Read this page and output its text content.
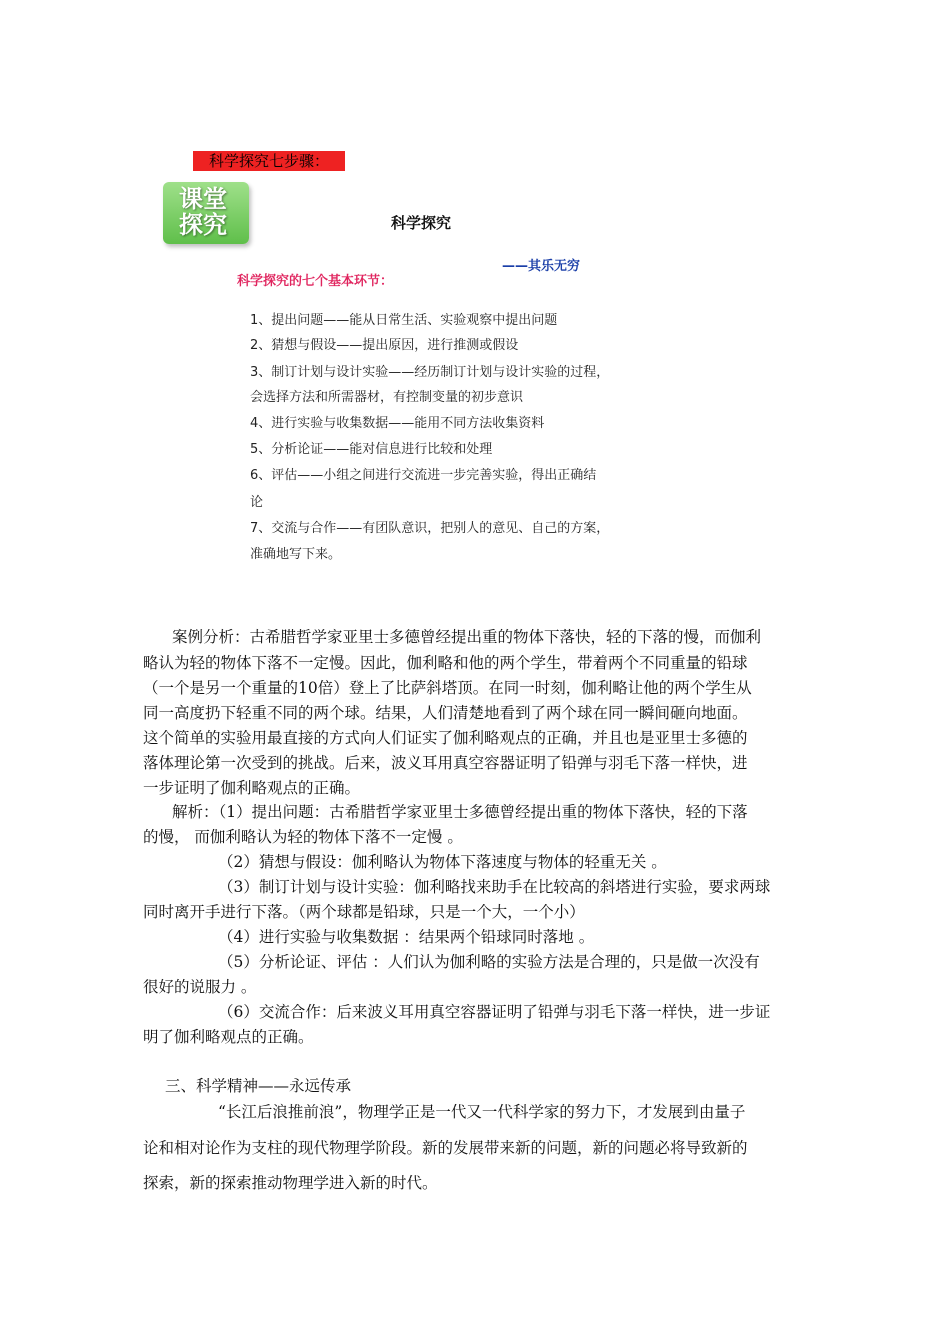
科学探究七步骤：
课堂
探究	科学探究
——其乐无穷
科学探究的七个基本环节：
1、提出问题——能从日常生活、实验观察中提出问题
2、猜想与假设——提出原因，进行推测或假设
3、制订计划与设计实验——经历制订计划与设计实验的过程，
会选择方法和所需器材，有控制变量的初步意识
4、进行实验与收集数据——能用不同方法收集资料
5、分析论证——能对信息进行比较和处理
6、评估——小组之间进行交流进一步完善实验，得出正确结
论
7、交流与合作——有团队意识，把别人的意见、自己的方案，
准确地写下来。
案例分析：古希腊哲学家亚里士多德曾经提出重的物体下落快，轻的下落的慢，而伽利
略认为轻的物体下落不一定慢。因此，伽利略和他的两个学生，带着两个不同重量的铅球
（一个是另一个重量的10倍）登上了比萨斜塔顶。在同一时刻，伽利略让他的两个学生从
同一高度扔下轻重不同的两个球。结果，人们清楚地看到了两个球在同一瞬间砸向地面。
这个简单的实验用最直接的方式向人们证实了伽利略观点的正确，并且也是亚里士多德的
落体理论第一次受到的挑战。后来，波义耳用真空容器证明了铅弹与羽毛下落一样快，进
一步证明了伽利略观点的正确。
解析：（1）提出问题：古希腊哲学家亚里士多德曾经提出重的物体下落快，轻的下落
的慢， 而伽利略认为轻的物体下落不一定慢 。
（2）猜想与假设：伽利略认为物体下落速度与物体的轻重无关 。
（3）制订计划与设计实验：伽利略找来助手在比较高的斜塔进行实验，要求两球
同时离开手进行下落。（两个球都是铅球，只是一个大，一个小）
（4）进行实验与收集数据 ：结果两个铅球同时落地 。
（5）分析论证、评估 ：人们认为伽利略的实验方法是合理的，只是做一次没有
很好的说服力 。
（6）交流合作：后来波义耳用真空容器证明了铅弹与羽毛下落一样快，进一步证
明了伽利略观点的正确。
三、科学精神——永远传承
“长江后浪推前浪”，物理学正是一代又一代科学家的努力下，才发展到由量子
论和相对论作为支柱的现代物理学阶段。新的发展带来新的问题，新的问题必将导致新的
探索，新的探索推动物理学进入新的时代。
